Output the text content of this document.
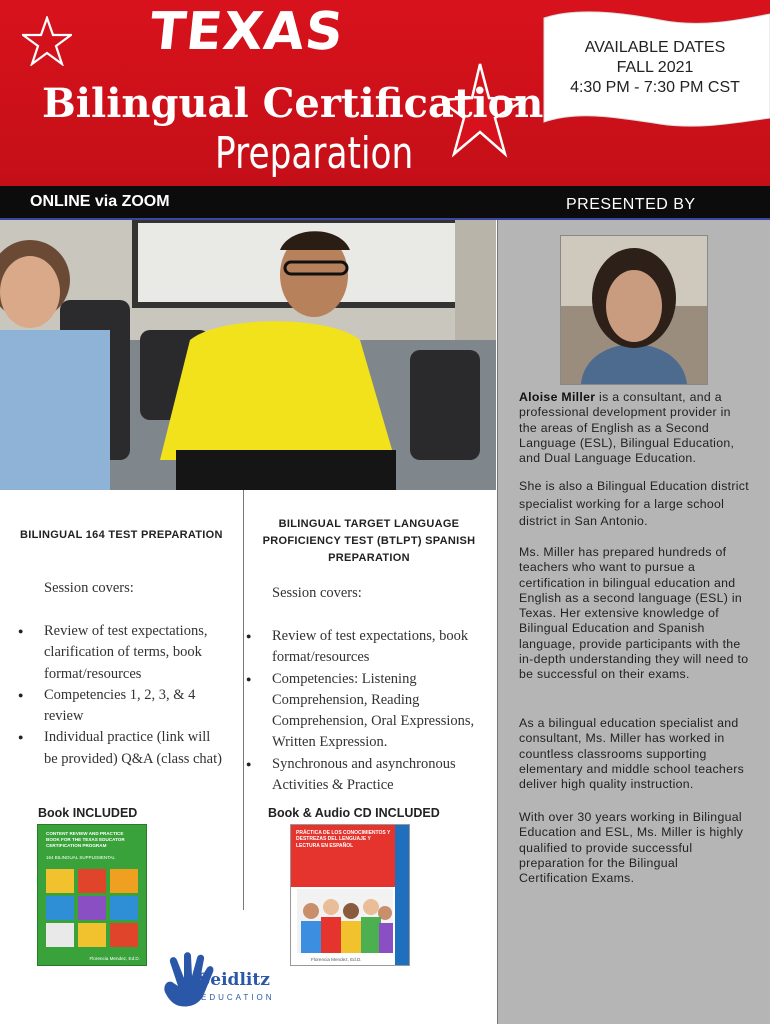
TEXAS
Bilingual Certification
Preparation
AVAILABLE DATES
FALL 2021
4:30 PM - 7:30 PM CST
ONLINE via ZOOM	PRESENTED BY
Aloise Miller is a consultant, and a professional development provider in the areas of English as a Second Language (ESL), Bilingual Education, and Dual Language Education.
She is also a Bilingual Education district specialist working for a large school district in San Antonio.
Ms. Miller has prepared hundreds of teachers who want to pursue a certification in bilingual education and English as a second language (ESL) in Texas. Her extensive knowledge of Bilingual Education and Spanish language, provide participants with the in-depth understanding they will need to be successful on their exams.
As a bilingual education specialist and consultant, Ms. Miller has worked in countless classrooms supporting elementary and middle school teachers deliver high quality instruction.
With over 30 years working in Bilingual Education and ESL, Ms. Miller is highly qualified to provide successful preparation for the Bilingual Certification Exams.
BILINGUAL 164 TEST PREPARATION
Session covers:
● Review of test expectations, clarification of terms, book format/resources
● Competencies 1, 2, 3, & 4 review
● Individual practice (link will be provided) Q&A (class chat)
Book INCLUDED
CONTENT REVIEW AND PRACTICE BOOK FOR THE TEXAS EDUCATOR CERTIFICATION PROGRAM
164 BILINGUAL SUPPLEMENTAL
Florencia Mendez, Ed.D.
BILINGUAL TARGET LANGUAGE PROFICIENCY TEST (BTLPT) SPANISH PREPARATION
Session covers:
● Review of test expectations, book format/resources
● Competencies: Listening Comprehension, Reading Comprehension, Oral Expressions, Written Expression.
● Synchronous and asynchronous Activities & Practice
Book & Audio CD INCLUDED
PRÁCTICA DE LOS CONOCIMIENTOS Y DESTREZAS DEL LENGUAJE Y LECTURA EN ESPAÑOL
Florencia Mendez, Ed.D.
Seidlitz
EDUCATION
